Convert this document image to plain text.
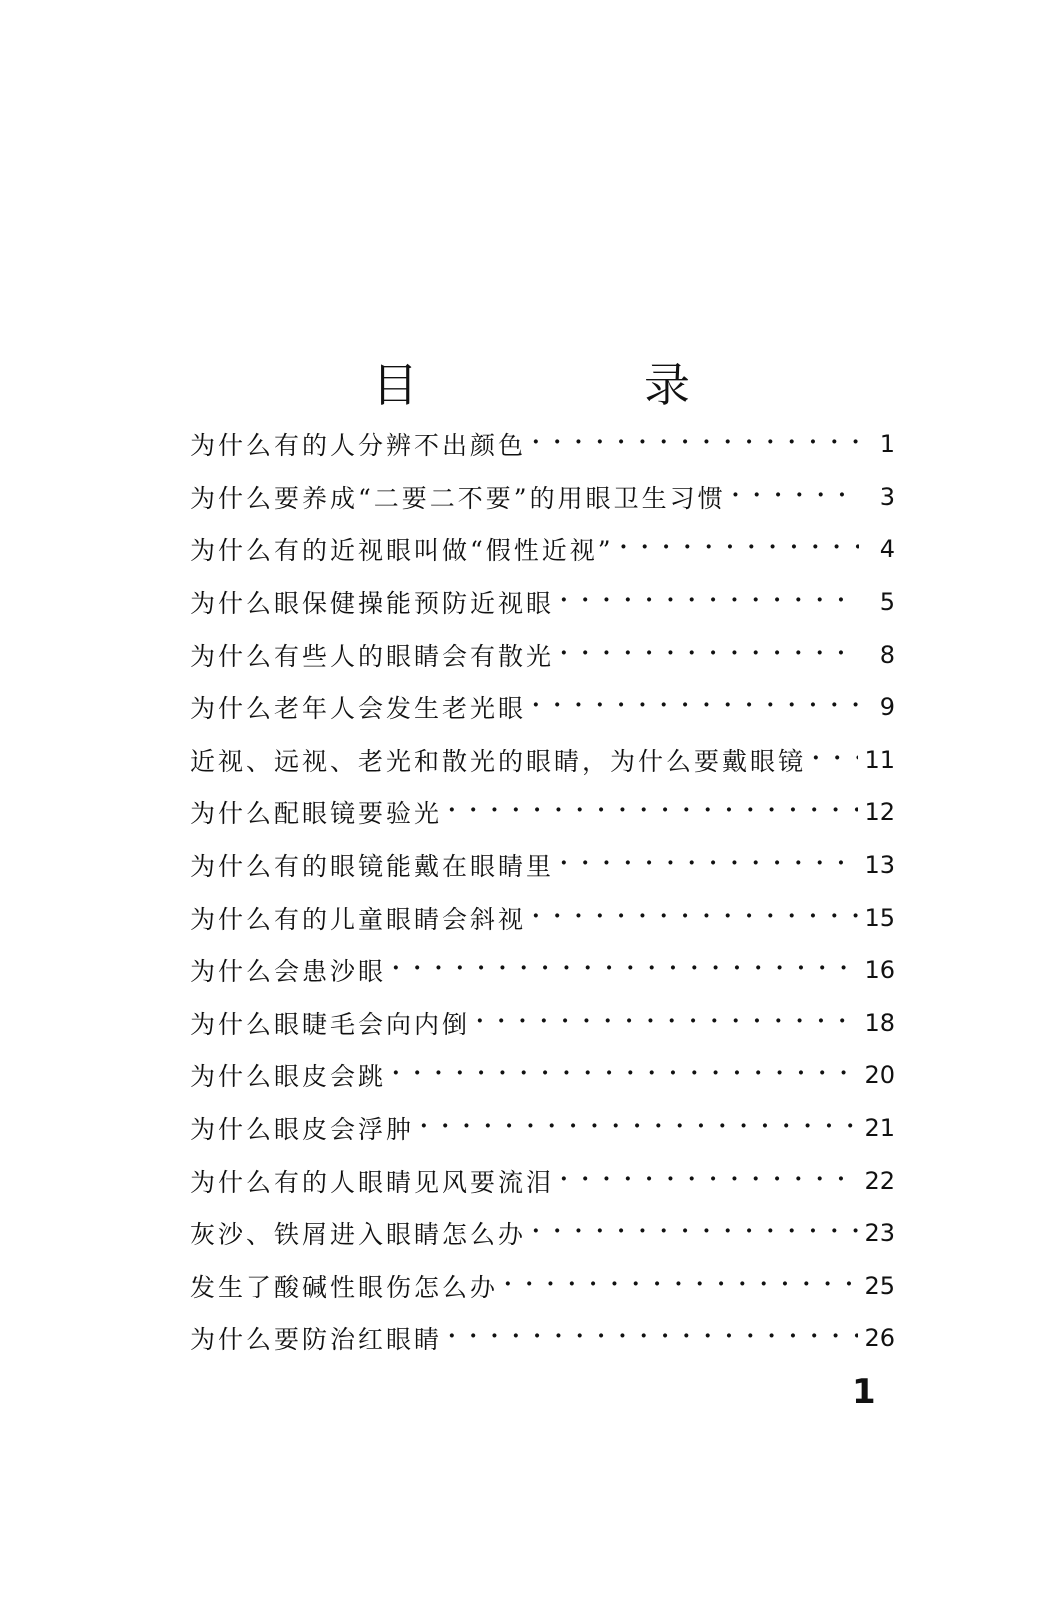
目　录
为什么有的人分辨不出颜色 · · ·	1
为什么要养成“二要二不要”的用眼卫生习惯 · · ·	3
为什么有的近视眼叫做“假性近视” · · ·	4
为什么眼保健操能预防近视眼 · · ·	5
为什么有些人的眼睛会有散光 · · ·	8
为什么老年人会发生老光眼 · · ·	9
近视、远视、老光和散光的眼睛，为什么要戴眼镜 · · · 11
为什么配眼镜要验光 · · ·	12
为什么有的眼镜能戴在眼睛里 · · ·	13
为什么有的儿童眼睛会斜视 · · ·	15
为什么会患沙眼 · · ·	16
为什么眼睫毛会向内倒 · · ·	18
为什么眼皮会跳 · · ·	20
为什么眼皮会浮肿 · · ·	21
为什么有的人眼睛见风要流泪 · · ·	22
灰沙、铁屑进入眼睛怎么办 · · ·	23
发生了酸碱性眼伤怎么办 · · ·	25
为什么要防治红眼睛 · · ·	26
1
